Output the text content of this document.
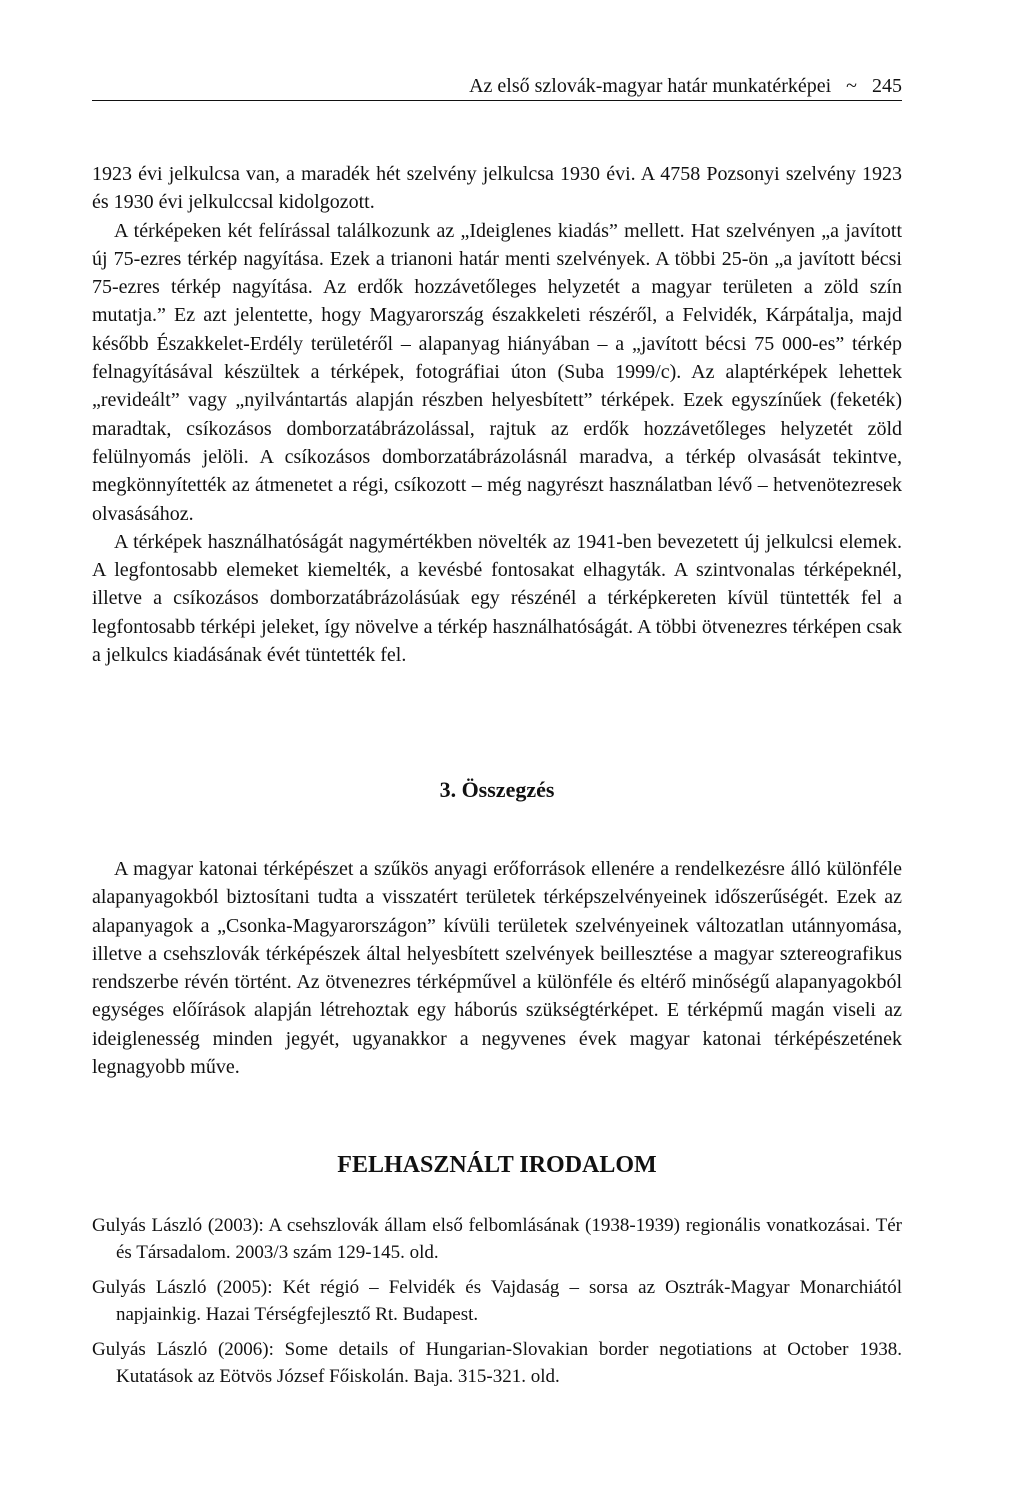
Az első szlovák-magyar határ munkatérképei ~ 245

1923 évi jelkulcsa van, a maradék hét szelvény jelkulcsa 1930 évi. A 4758 Pozsonyi szelvény 1923 és 1930 évi jelkulccsal kidolgozott.

A térképeken két felírással találkozunk az „Ideiglenes kiadás” mellett. Hat szelvényen „a javított új 75-ezres térkép nagyítása. Ezek a trianoni határ menti szelvények. A többi 25-ön „a javított bécsi 75-ezres térkép nagyítása. Az erdők hozzávetőleges helyzetét a magyar területen a zöld szín mutatja.” Ez azt jelentette, hogy Magyarország északkeleti részéről, a Felvidék, Kárpátalja, majd később Északkelet-Erdély területéről – alapanyag hiányában – a „javított bécsi 75 000-es” térkép felnagyításával készültek a térképek, fotográfiai úton (Suba 1999/c). Az alaptérképek lehettek „revideált” vagy „nyilvántartás alapján részben helyesbített” térképek. Ezek egyszínűek (feketék) maradtak, csíkozásos domborzatábrázolással, rajtuk az erdők hozzávetőleges helyzetét zöld felülnyomás jelöli. A csíkozásos domborzatábrázolásnál maradva, a térkép olvasását tekintve, megkönnyítették az átmenetet a régi, csíkozott – még nagyrészt használatban lévő – hetvenötezresek olvasásához.

A térképek használhatóságát nagymértékben növelték az 1941-ben bevezetett új jelkulcsi elemek. A legfontosabb elemeket kiemelték, a kevésbé fontosakat elhagyták. A szintvonalas térképeknél, illetve a csíkozásos domborzatábrázolásúak egy részénél a térképkereten kívül tüntették fel a legfontosabb térképi jeleket, így növelve a térkép használhatóságát. A többi ötvenezres térképen csak a jelkulcs kiadásának évét tüntették fel.

3. Összegzés

A magyar katonai térképészet a szűkös anyagi erőforrások ellenére a rendelkezésre álló különféle alapanyagokból biztosítani tudta a visszatért területek térképszelvényeinek időszerűségét. Ezek az alapanyagok a „Csonka-Magyarországon” kívüli területek szelvényeinek változatlan utánnyomása, illetve a csehszlovák térképészek által helyesbített szelvények beillesztése a magyar sztereografikus rendszerbe révén történt. Az ötvenezres térképművel a különféle és eltérő minőségű alapanyagokból egységes előírások alapján létrehoztak egy háborús szükségtérképet. E térképmű magán viseli az ideiglenesség minden jegyét, ugyanakkor a negyvenes évek magyar katonai térképészetének legnagyobb műve.

FELHASZNÁLT IRODALOM

Gulyás László (2003): A csehszlovák állam első felbomlásának (1938-1939) regionális vonatkozásai. Tér és Társadalom. 2003/3 szám 129-145. old.

Gulyás László (2005): Két régió – Felvidék és Vajdaság – sorsa az Osztrák-Magyar Monarchiától napjainkig. Hazai Térségfejlesztő Rt. Budapest.

Gulyás László (2006): Some details of Hungarian-Slovakian border negotiations at October 1938. Kutatások az Eötvös József Főiskolán. Baja. 315-321. old.
